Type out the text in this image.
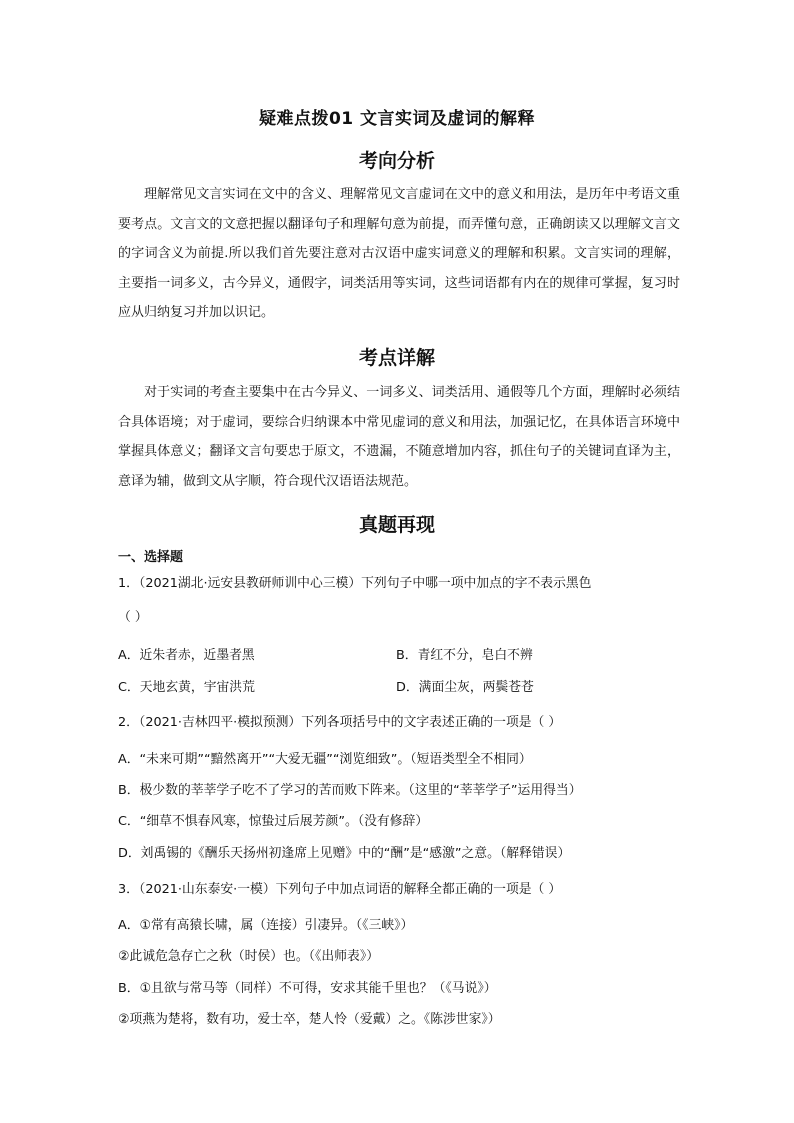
疑难点拨01 文言实词及虚词的解释
考向分析

理解常见文言实词在文中的含义、理解常见文言虚词在文中的意义和用法，是历年中考语文重要考点。文言文的文意把握以翻译句子和理解句意为前提，而弄懂句意，正确朗读又以理解文言文的字词含义为前提.所以我们首先要注意对古汉语中虚实词意义的理解和积累。文言实词的理解，主要指一词多义，古今异义，通假字，词类活用等实词，这些词语都有内在的规律可掌握，复习时应从归纳复习并加以识记。

考点详解

对于实词的考查主要集中在古今异义、一词多义、词类活用、通假等几个方面，理解时必须结合具体语境；对于虚词，要综合归纳课本中常见虚词的意义和用法，加强记忆，在具体语言环境中掌握具体意义；翻译文言句要忠于原文，不遗漏，不随意增加内容，抓住句子的关键词直译为主，意译为辅，做到文从字顺，符合现代汉语语法规范。

真题再现
一、选择题
1．（2021湖北·远安县教研师训中心三模）下列句子中哪一项中加点的字不表示黑色
（ ）
A．近朱者赤，近墨者黑	B．青红不分，皂白不辨
C．天地玄黄，宇宙洪荒	D．满面尘灰，两鬓苍苍
2．（2021·吉林四平·模拟预测）下列各项括号中的文字表述正确的一项是（ ）
A．“未来可期”“黯然离开”“大爱无疆”“浏览细致”。（短语类型全不相同）
B．极少数的莘莘学子吃不了学习的苦而败下阵来。（这里的“莘莘学子”运用得当）
C．“细草不惧春风寒，惊蛰过后展芳颜”。（没有修辞）
D．刘禹锡的《酬乐天扬州初逢席上见赠》中的“酬”是“感激”之意。（解释错误）
3．（2021·山东泰安·一模）下列句子中加点词语的解释全都正确的一项是（ ）
A．①常有高猿长啸，属（连接）引凄异。（《三峡》）
②此诚危急存亡之秋（时侯）也。（《出师表》）
B．①且欲与常马等（同样）不可得，安求其能千里也？（《马说》）
②项燕为楚将，数有功，爱士卒，楚人怜（爱戴）之。《陈涉世家》）
